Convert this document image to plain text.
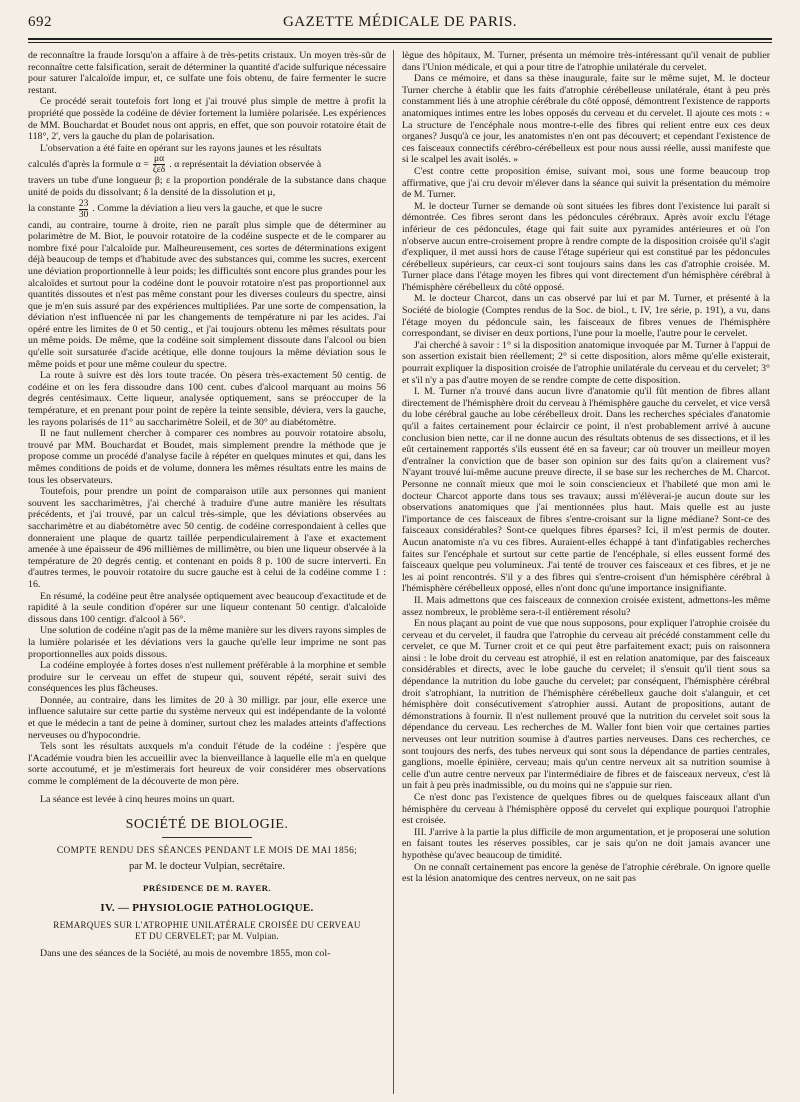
692	GAZETTE MÉDICALE DE PARIS.

de reconnaître la fraude lorsqu'on a affaire à de très-petits cristaux. Un moyen très-sûr de reconnaître cette falsification, serait de déterminer la quantité d'acide sulfurique nécessaire pour saturer l'alcaloïde impur, et, ce sulfate une fois obtenu, de faire fermenter le sucre restant.

Ce procédé serait toutefois fort long et j'ai trouvé plus simple de mettre à profit la propriété que possède la codéine de dévier fortement la lumière polarisée. Les expériences de MM. Bouchardat et Boudet nous ont appris, en effet, que son pouvoir rotatoire était de 118°, 2', vers la gauche du plan de polarisation.

L'observation a été faite en opérant sur les rayons jaunes et les résultats

calculés d'après la formule $\alpha = \frac{\mu\alpha}{\text{ζεδ}}$ . α représentait la déviation observée à

travers un tube d'une longueur β; ε la proportion pondérale de la substance dans chaque unité de poids du dissolvant; δ la densité de la dissolution et μ,

la constante $\frac{23}{30}$ . Comme la déviation a lieu vers la gauche, et que le sucre

candi, au contraire, tourne à droite, rien ne paraît plus simple que de déterminer au polarimètre de M. Biot, le pouvoir rotatoire de la codéine suspecte et de le comparer au nombre fixé pour l'alcaloïde pur. Malheureusement, ces sortes de déterminations exigent déjà beaucoup de temps et d'habitude avec des substances qui, comme les sucres, exercent une déviation proportionnelle à leur poids; les difficultés sont encore plus grandes pour les alcaloïdes et surtout pour la codéine dont le pouvoir rotatoire n'est pas proportionnel aux quantités dissoutes et n'est pas même constant pour les diverses couleurs du spectre, ainsi que je m'en suis assuré par des expériences multipliées. Par une sorte de compensation, la déviation n'est influencée ni par les changements de température ni par les acides. J'ai opéré entre les limites de 0 et 50 centig., et j'ai toujours obtenu les mêmes résultats pour un même poids. De même, que la codéine soit simplement dissoute dans l'alcool ou bien qu'elle soit sursaturée d'acide acétique, elle donne toujours la même déviation sous le même poids et pour une même couleur du spectre.

La route à suivre est dès lors toute tracée. On pèsera très-exactement 50 centig. de codéine et on les fera dissoudre dans 100 cent. cubes d'alcool marquant au moins 56 degrés centésimaux. Cette liqueur, analysée optiquement, sans se préoccuper de la température, et en prenant pour point de repère la teinte sensible, déviera, vers la gauche, les rayons polarisés de 11° au saccharimètre Soleil, et de 30° au diabétomètre.

Il ne faut nullement chercher à comparer ces nombres au pouvoir rotatoire absolu, trouvé par MM. Bouchardat et Boudet, mais simplement prendre la méthode que je propose comme un procédé d'analyse facile à répéter en quelques minutes et qui, dans les mêmes conditions de poids et de volume, donnera les mêmes résultats entre les mains de tous les observateurs.

Toutefois, pour prendre un point de comparaison utile aux personnes qui manient souvent les saccharimètres, j'ai cherché à traduire d'une autre manière les résultats précédents, et j'ai trouvé, par un calcul très-simple, que les déviations observées au saccharimètre et au diabétomètre avec 50 centig. de codéine correspondaient à celles que donneraient une plaque de quartz taillée perpendiculairement à l'axe et exactement amenée à une épaisseur de 496 millièmes de millimètre, ou bien une liqueur observée à la température de 20 degrés centig. et contenant en poids 8 p. 100 de sucre interverti. En d'autres termes, le pouvoir rotatoire du sucre gauche est à celui de la codéine comme 1 : 16.

En résumé, la codéine peut être analysée optiquement avec beaucoup d'exactitude et de rapidité à la seule condition d'opérer sur une liqueur contenant 50 centigr. d'alcaloïde dissous dans 100 centigr. d'alcool à 56°.

Une solution de codéine n'agit pas de la même manière sur les divers rayons simples de la lumière polarisée et les déviations vers la gauche qu'elle leur imprime ne sont pas proportionnelles aux poids dissous.

La codéine employée à fortes doses n'est nullement préférable à la morphine et semble produire sur le cerveau un effet de stupeur qui, souvent répété, serait suivi des conséquences les plus fâcheuses.

Donnée, au contraire, dans les limites de 20 à 30 milligr. par jour, elle exerce une influence salutaire sur cette partie du système nerveux qui est indépendante de la volonté et que le médecin a tant de peine à dominer, surtout chez les malades atteints d'affections nerveuses ou d'hypocondrie.

Tels sont les résultats auxquels m'a conduit l'étude de la codéine : j'espère que l'Académie voudra bien les accueillir avec la bienveillance à laquelle elle m'a en quelque sorte accoutumé, et je m'estimerais fort heureux de voir considérer mes observations comme le complément de la découverte de mon père.

La séance est levée à cinq heures moins un quart.

SOCIÉTÉ DE BIOLOGIE.
COMPTE RENDU DES SÉANCES PENDANT LE MOIS DE MAI 1856;
par M. le docteur Vulpian, secrétaire.
PRÉSIDENCE DE M. RAYER.
IV. — PHYSIOLOGIE PATHOLOGIQUE.
REMARQUES SUR L'ATROPHIE UNILATÉRALE CROISÉE DU CERVEAU
ET DU CERVELET; par M. Vulpian.

Dans une des séances de la Société, au mois de novembre 1855, mon col-

lègue des hôpitaux, M. Turner, présenta un mémoire très-intéressant qu'il venait de publier dans l'Union médicale, et qui a pour titre de l'atrophie unilatérale du cervelet.

Dans ce mémoire, et dans sa thèse inaugurale, faite sur le même sujet, M. le docteur Turner cherche à établir que les faits d'atrophie cérébelleuse unilatérale, étant à peu près constamment liés à une atrophie cérébrale du côté opposé, démontrent l'existence de rapports anatomiques intimes entre les lobes opposés du cerveau et du cervelet. Il ajoute ces mots : « La structure de l'encéphale nous montre-t-elle des fibres qui relient entre eux ces deux organes? Jusqu'à ce jour, les anatomistes n'en ont pas découvert; et cependant l'existence de ces faisceaux connectifs cérébro-cérébelleux est pour nous aussi réelle, aussi manifeste que si le scalpel les avait isolés. »

C'est contre cette proposition émise, suivant moi, sous une forme beaucoup trop affirmative, que j'ai cru devoir m'élever dans la séance qui suivit la présentation du mémoire de M. Turner.

M. le docteur Turner se demande où sont situées les fibres dont l'existence lui paraît si démontrée. Ces fibres seront dans les pédoncules cérébraux. Après avoir exclu l'étage inférieur de ces pédoncules, étage qui fait suite aux pyramides antérieures et où l'on n'observe aucun entre-croisement propre à rendre compte de la disposition croisée qu'il s'agit d'expliquer, il met aussi hors de cause l'étage supérieur qui est constitué par les pédoncules cérébelleux supérieurs, car ceux-ci sont toujours sains dans les cas d'atrophie croisée. M. Turner place dans l'étage moyen les fibres qui vont directement d'un hémisphère cérébral à l'hémisphère cérébelleux du côté opposé.

M. le docteur Charcot, dans un cas observé par lui et par M. Turner, et présenté à la Société de biologie (Comptes rendus de la Soc. de biol., t. IV, 1re série, p. 191), a vu, dans l'étage moyen du pédoncule sain, les faisceaux de fibres venues de l'hémisphère correspondant, se diviser en deux portions, l'une pour la moelle, l'autre pour le cervelet.

J'ai cherché à savoir : 1° si la disposition anatomique invoquée par M. Turner à l'appui de son assertion existait bien réellement; 2° si cette disposition, alors même qu'elle existerait, pourrait expliquer la disposition croisée de l'atrophie unilatérale du cerveau et du cervelet; 3° et s'il n'y a pas d'autre moyen de se rendre compte de cette disposition.

I. M. Turner n'a trouvé dans aucun livre d'anatomie qu'il fût mention de fibres allant directement de l'hémisphère droit du cerveau à l'hémisphère gauche du cervelet, et vice versâ du lobe cérébral gauche au lobe cérébelleux droit. Dans les recherches spéciales d'anatomie qu'il a faites certainement pour éclaircir ce point, il n'est probablement arrivé à aucune conclusion bien nette, car il ne donne aucun des résultats obtenus de ses dissections, et il les eût certainement rapportés s'ils eussent été en sa faveur; car où trouver un meilleur moyen d'entraîner la conviction que de baser son opinion sur des faits qu'on a clairement vus? N'ayant trouvé lui-même aucune preuve directe, il se base sur les recherches de M. Charcot. Personne ne connaît mieux que moi le soin consciencieux et l'habileté que mon ami le docteur Charcot apporte dans tous ses travaux; aussi m'élèverai-je aucun doute sur les observations anatomiques que j'ai mentionnées plus haut. Mais quelle est au juste l'importance de ces faisceaux de fibres s'entre-croisant sur la ligne médiane? Sont-ce des faisceaux considérables? Sont-ce quelques fibres éparses? Ici, il m'est permis de douter. Aucun anatomiste n'a vu ces fibres. Auraient-elles échappé à tant d'infatigables recherches faites sur l'encéphale et surtout sur cette partie de l'encéphale, si elles eussent formé des faisceaux quelque peu volumineux. J'ai tenté de trouver ces faisceaux et ces fibres, et je ne les ai point rencontrés. S'il y a des fibres qui s'entre-croisent d'un hémisphère cérébral à l'hémisphère cérébelleux opposé, elles n'ont donc qu'une importance insignifiante.

II. Mais admettons que ces faisceaux de connexion croisée existent, admettons-les même assez nombreux, le problème sera-t-il entièrement résolu?

En nous plaçant au point de vue que nous supposons, pour expliquer l'atrophie croisée du cerveau et du cervelet, il faudra que l'atrophie du cerveau ait précédé constamment celle du cervelet, ce que M. Turner croit et ce qui peut être parfaitement exact; puis on raisonnera ainsi : le lobe droit du cerveau est atrophié, il est en relation anatomique, par des faisceaux considérables et directs, avec le lobe gauche du cervelet; il s'ensuit qu'il tient sous sa dépendance la nutrition du lobe gauche du cervelet; par conséquent, l'hémisphère cérébral droit s'atrophiant, la nutrition de l'hémisphère cérébelleux gauche doit s'alanguir, et cet hémisphère doit consécutivement s'atrophier aussi. Autant de propositions, autant de démonstrations à fournir. Il n'est nullement prouvé que la nutrition du cervelet soit sous la dépendance du cerveau. Les recherches de M. Waller font bien voir que certaines parties nerveuses ont leur nutrition soumise à d'autres parties nerveuses. Dans ces recherches, ce sont toujours des nerfs, des tubes nerveux qui sont sous la dépendance de parties centrales, ganglions, moelle épinière, cerveau; mais qu'un centre nerveux ait sa nutrition soumise à celle d'un autre centre nerveux par l'intermédiaire de fibres et de faisceaux nerveux, c'est là un fait à peu près inadmissible, ou du moins qui ne s'appuie sur rien.

Ce n'est donc pas l'existence de quelques fibres ou de quelques faisceaux allant d'un hémisphère du cerveau à l'hémisphère opposé du cervelet qui explique pourquoi l'atrophie est croisée.

III. J'arrive à la partie la plus difficile de mon argumentation, et je proposerai une solution en faisant toutes les réserves possibles, car je sais qu'on ne doit jamais avancer une hypothèse qu'avec beaucoup de timidité.

On ne connaît certainement pas encore la genèse de l'atrophie cérébrale. On ignore quelle est la lésion anatomique des centres nerveux, on ne sait pas
